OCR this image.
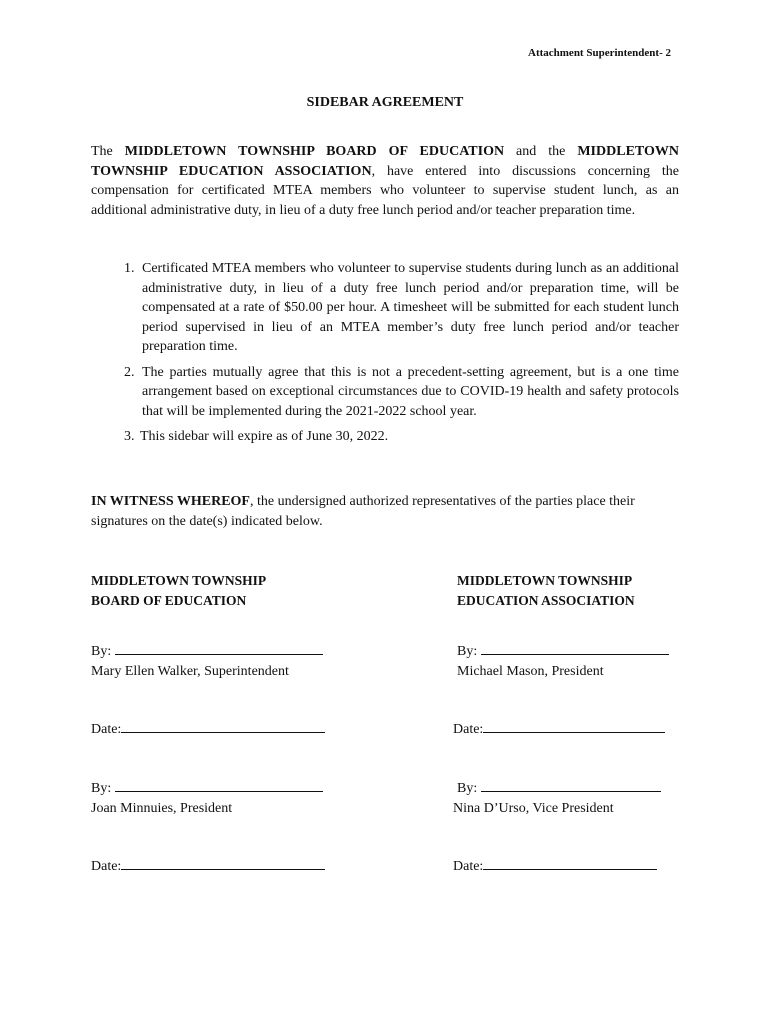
Attachment Superintendent- 2
SIDEBAR AGREEMENT
The MIDDLETOWN TOWNSHIP BOARD OF EDUCATION and the MIDDLETOWN TOWNSHIP EDUCATION ASSOCIATION, have entered into discussions concerning the compensation for certificated MTEA members who volunteer to supervise student lunch, as an additional administrative duty, in lieu of a duty free lunch period and/or teacher preparation time.
1. Certificated MTEA members who volunteer to supervise students during lunch as an additional administrative duty, in lieu of a duty free lunch period and/or preparation time, will be compensated at a rate of $50.00 per hour. A timesheet will be submitted for each student lunch period supervised in lieu of an MTEA member’s duty free lunch period and/or teacher preparation time.
2. The parties mutually agree that this is not a precedent-setting agreement, but is a one time arrangement based on exceptional circumstances due to COVID-19 health and safety protocols that will be implemented during the 2021-2022 school year.
3. This sidebar will expire as of June 30, 2022.
IN WITNESS WHEREOF, the undersigned authorized representatives of the parties place their signatures on the date(s) indicated below.
MIDDLETOWN TOWNSHIP
BOARD OF EDUCATION
MIDDLETOWN TOWNSHIP
EDUCATION ASSOCIATION
By:
Mary Ellen Walker, Superintendent
By:
Michael Mason, President
Date:	Date:
By:
Joan Minnuies, President
By:
Nina D’Urso, Vice President
Date:	Date:
